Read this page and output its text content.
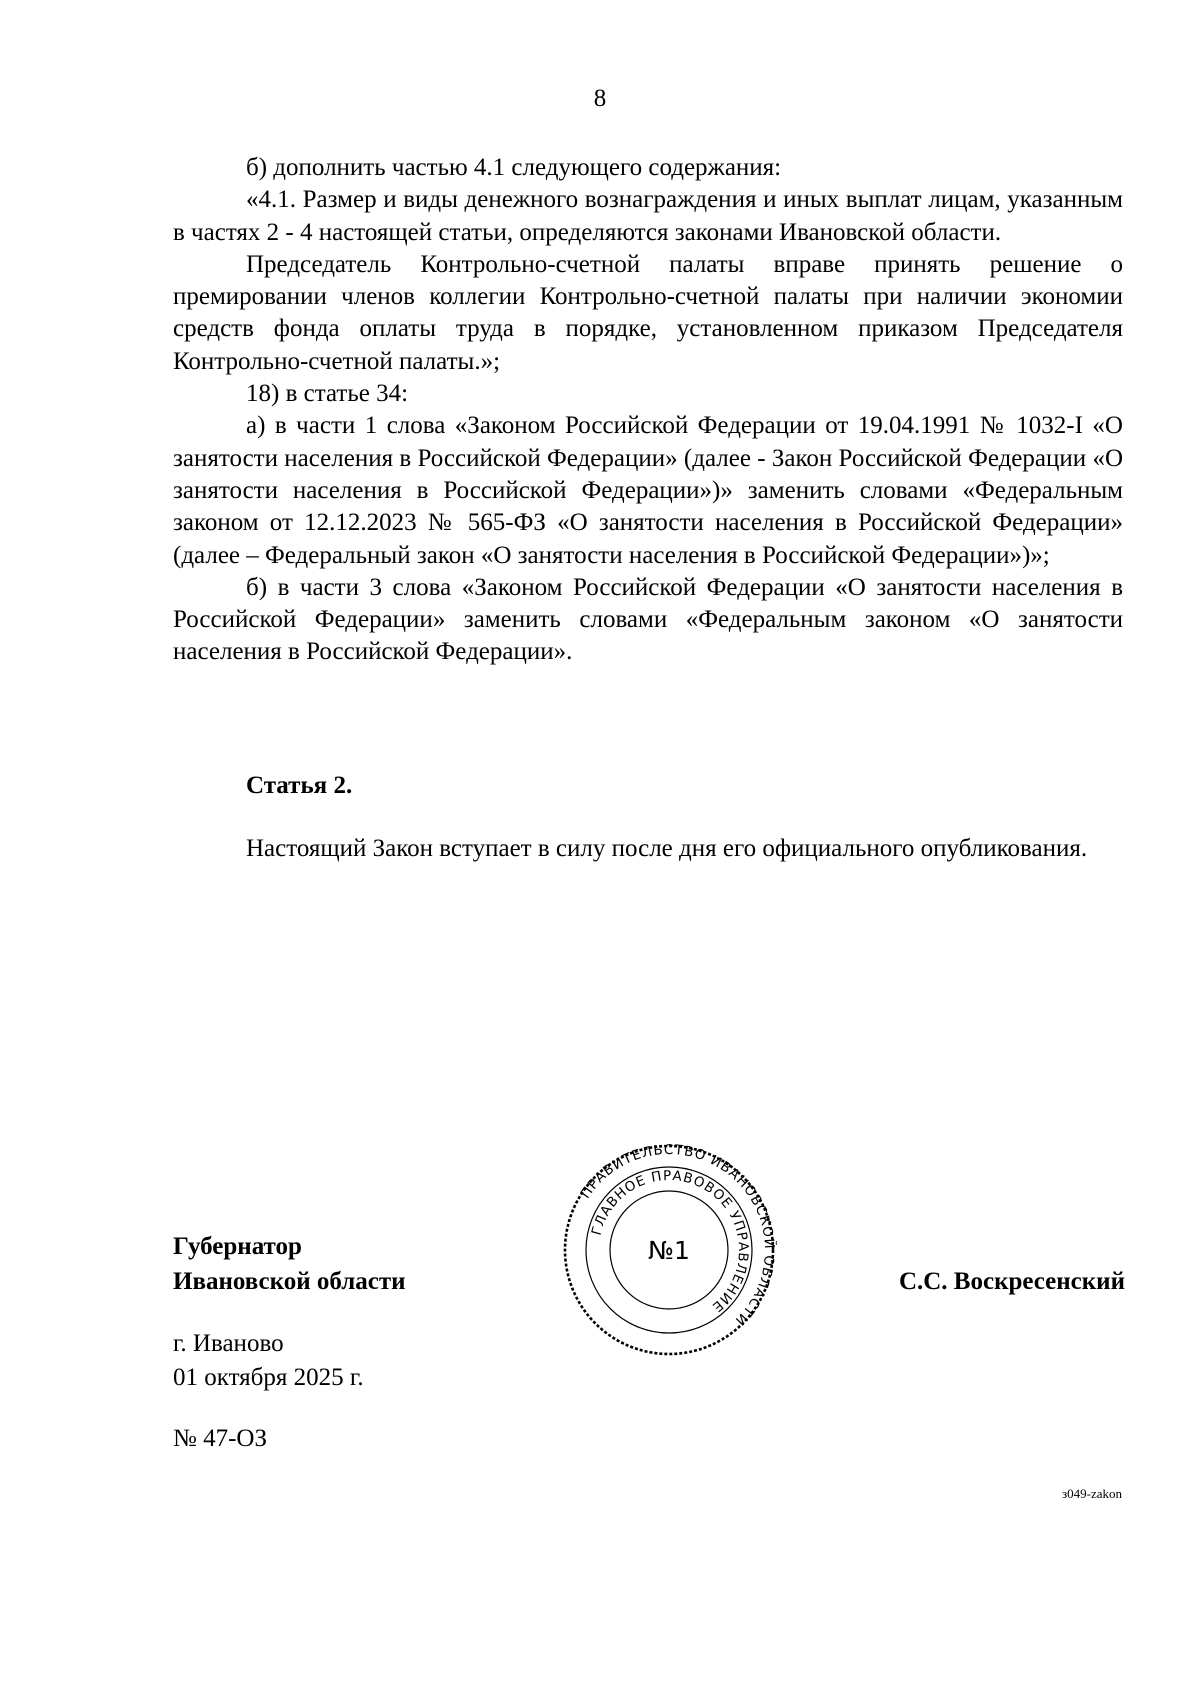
8

б) дополнить частью 4.1 следующего содержания:

«4.1. Размер и виды денежного вознаграждения и иных выплат лицам, указанным в частях 2 - 4 настоящей статьи, определяются законами Ивановской области.

Председатель Контрольно-счетной палаты вправе принять решение о премировании членов коллегии Контрольно-счетной палаты при наличии экономии средств фонда оплаты труда в порядке, установленном приказом Председателя Контрольно-счетной палаты.»;

18) в статье 34:

а) в части 1 слова «Законом Российской Федерации от 19.04.1991 № 1032-I «О занятости населения в Российской Федерации» (далее - Закон Российской Федерации «О занятости населения в Российской Федерации»)» заменить словами «Федеральным законом от 12.12.2023 № 565-ФЗ «О занятости населения в Российской Федерации» (далее – Федеральный закон «О занятости населения в Российской Федерации»)»;

б) в части 3 слова «Законом Российской Федерации «О занятости населения в Российской Федерации» заменить словами «Федеральным законом «О занятости населения в Российской Федерации».

Статья 2.

Настоящий Закон вступает в силу после дня его официального опубликования.

Губернатор
Ивановской области
ПРАВИТЕЛЬСТВО ИВАНОВСКОЙ ОБЛАСТИ
ГЛАВНОЕ ПРАВОВОЕ УПРАВЛЕНИЕ
№1
С.С. Воскресенский
г. Иваново
01 октября 2025 г.
№ 47-ОЗ
з049-zakon
